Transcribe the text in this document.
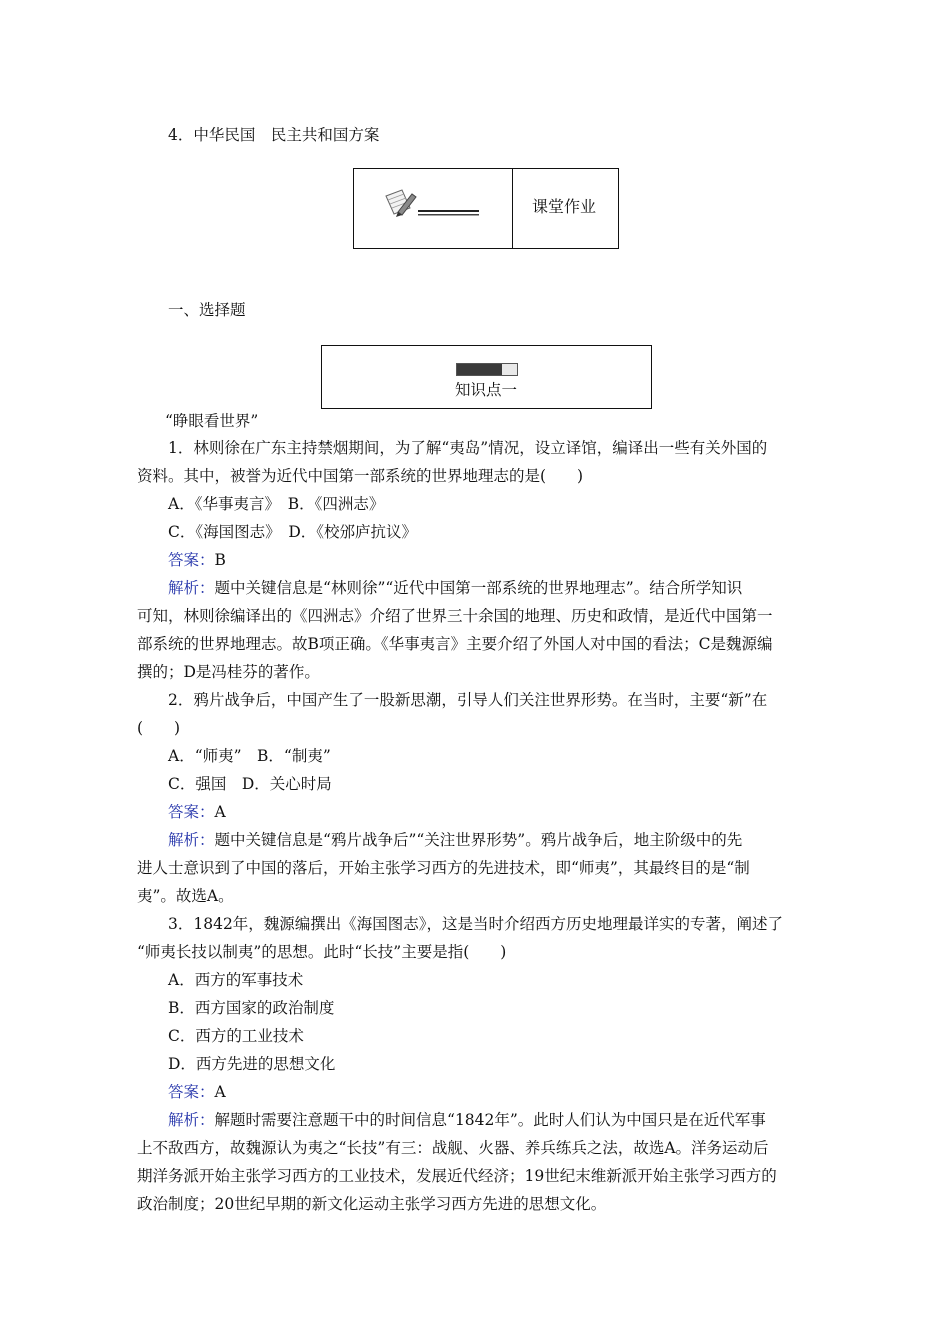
4．中华民国　民主共和国方案
课堂作业
一、选择题
知识点一
“睁眼看世界”
1．林则徐在广东主持禁烟期间，为了解“夷岛”情况，设立译馆，编译出一些有关外国的
资料。其中，被誉为近代中国第一部系统的世界地理志的是(　　)
A．《华事夷言》　B．《四洲志》
C．《海国图志》　D．《校邠庐抗议》
答案：B
解析：题中关键信息是“林则徐”“近代中国第一部系统的世界地理志”。结合所学知识
可知，林则徐编译出的《四洲志》介绍了世界三十余国的地理、历史和政情，是近代中国第一
部系统的世界地理志。故B项正确。《华事夷言》主要介绍了外国人对中国的看法；C是魏源编
撰的；D是冯桂芬的著作。
2．鸦片战争后，中国产生了一股新思潮，引导人们关注世界形势。在当时，主要“新”在
(　　)
A．“师夷”　B．“制夷”
C．强国　D．关心时局
答案：A
解析：题中关键信息是“鸦片战争后”“关注世界形势”。鸦片战争后，地主阶级中的先
进人士意识到了中国的落后，开始主张学习西方的先进技术，即“师夷”，其最终目的是“制
夷”。故选A。
3．1842年，魏源编撰出《海国图志》，这是当时介绍西方历史地理最详实的专著，阐述了
“师夷长技以制夷”的思想。此时“长技”主要是指(　　)
A．西方的军事技术
B．西方国家的政治制度
C．西方的工业技术
D．西方先进的思想文化
答案：A
解析：解题时需要注意题干中的时间信息“1842年”。此时人们认为中国只是在近代军事
上不敌西方，故魏源认为夷之“长技”有三：战舰、火器、养兵练兵之法，故选A。洋务运动后
期洋务派开始主张学习西方的工业技术，发展近代经济；19世纪末维新派开始主张学习西方的
政治制度；20世纪早期的新文化运动主张学习西方先进的思想文化。
